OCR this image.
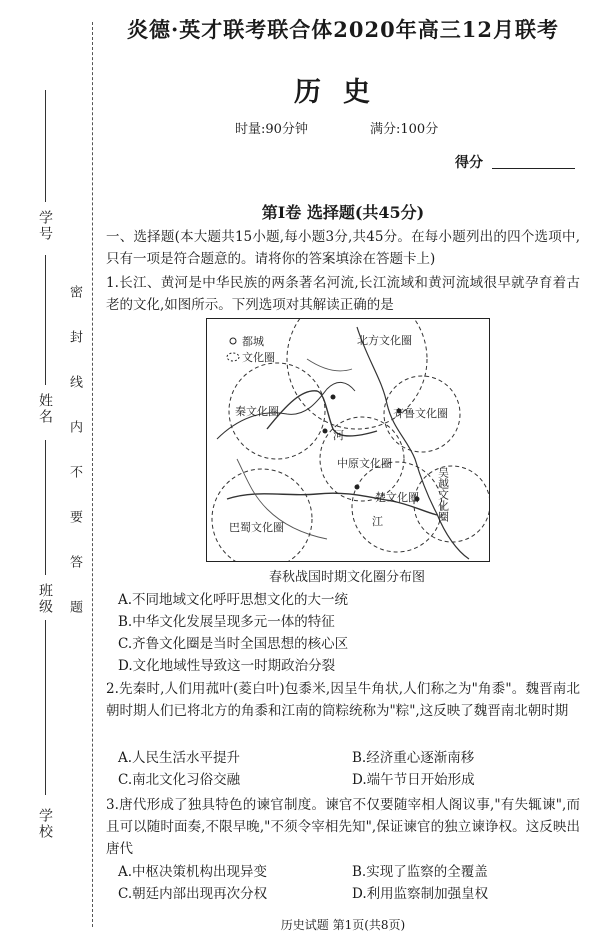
学校
班级
姓名
学号
密封线内不要答题
炎德·英才联考联合体2020年高三12月联考
历史
时量:90分钟	满分:100分
得分
第Ⅰ卷 选择题(共45分)
一、选择题(本大题共15小题,每小题3分,共45分。在每小题列出的四个选项中,只有一项是符合题意的。请将你的答案填涂在答题卡上)
1.长江、黄河是中华民族的两条著名河流,长江流域和黄河流域很早就孕育着古老的文化,如图所示。下列选项对其解读正确的是
都城
文化圈
北方文化圈
秦文化圈	齐鲁文化圈
中原文化圈
楚文化圈
巴蜀文化圈
吴越文化圈
河
江
春秋战国时期文化圈分布图
A.不同地域文化呼吁思想文化的大一统
B.中华文化发展呈现多元一体的特征
C.齐鲁文化圈是当时全国思想的核心区
D.文化地域性导致这一时期政治分裂
2.先秦时,人们用菰叶(菱白叶)包黍米,因呈牛角状,人们称之为"角黍"。魏晋南北朝时期人们已将北方的角黍和江南的筒粽统称为"粽",这反映了魏晋南北朝时期
A.人民生活水平提升	B.经济重心逐渐南移
C.南北文化习俗交融	D.端午节日开始形成
3.唐代形成了独具特色的谏官制度。谏官不仅要随宰相人阁议事,"有失辄谏",而且可以随时面奏,不限早晚,"不须令宰相先知",保证谏官的独立谏诤权。这反映出唐代
A.中枢决策机构出现异变	B.实现了监察的全覆盖
C.朝廷内部出现再次分权	D.利用监察制加强皇权
历史试题 第1页(共8页)
